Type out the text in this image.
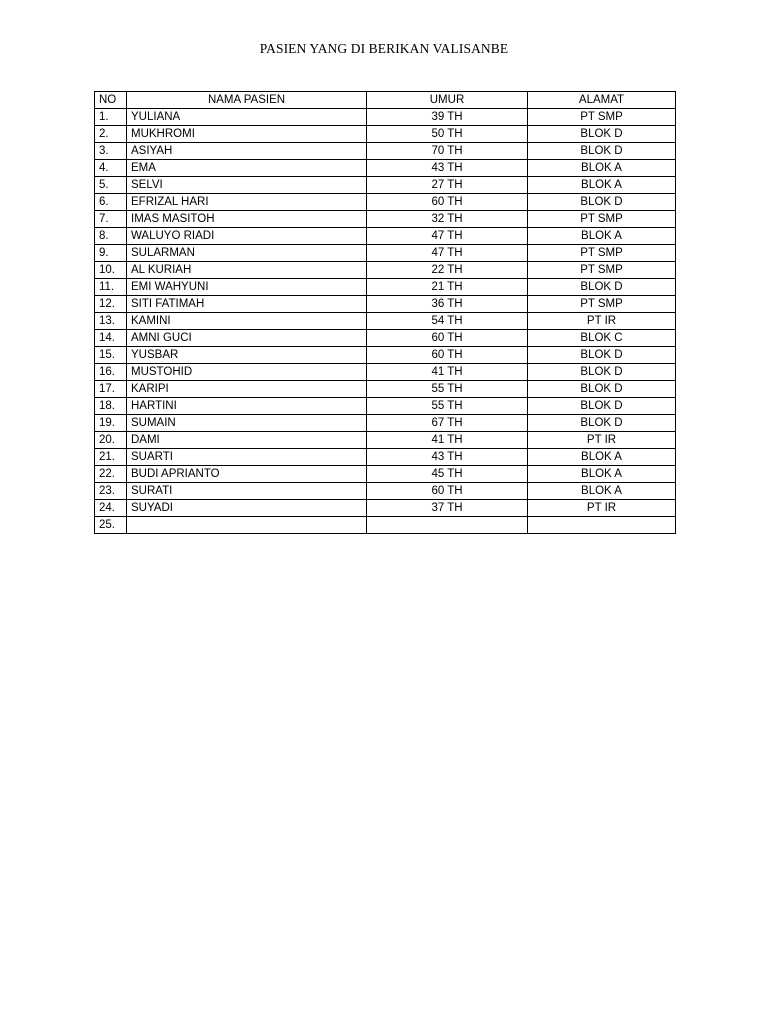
PASIEN YANG DI BERIKAN VALISANBE
NO	NAMA PASIEN	UMUR	ALAMAT
1.	YULIANA	39 TH	PT SMP
2.	MUKHROMI	50 TH	BLOK D
3.	ASIYAH	70 TH	BLOK D
4.	EMA	43 TH	BLOK A
5.	SELVI	27 TH	BLOK A
6.	EFRIZAL HARI	60 TH	BLOK D
7.	IMAS MASITOH	32 TH	PT SMP
8.	WALUYO RIADI	47 TH	BLOK A
9.	SULARMAN	47 TH	PT SMP
10.	AL KURIAH	22 TH	PT SMP
11.	EMI WAHYUNI	21 TH	BLOK D
12.	SITI FATIMAH	36 TH	PT SMP
13.	KAMINI	54 TH	PT IR
14.	AMNI GUCI	60 TH	BLOK C
15.	YUSBAR	60 TH	BLOK D
16.	MUSTOHID	41 TH	BLOK D
17.	KARIPI	55 TH	BLOK D
18.	HARTINI	55 TH	BLOK D
19.	SUMAIN	67 TH	BLOK D
20.	DAMI	41 TH	PT IR
21.	SUARTI	43 TH	BLOK A
22.	BUDI APRIANTO	45 TH	BLOK A
23.	SURATI	60 TH	BLOK A
24.	SUYADI	37 TH	PT IR
25.			
